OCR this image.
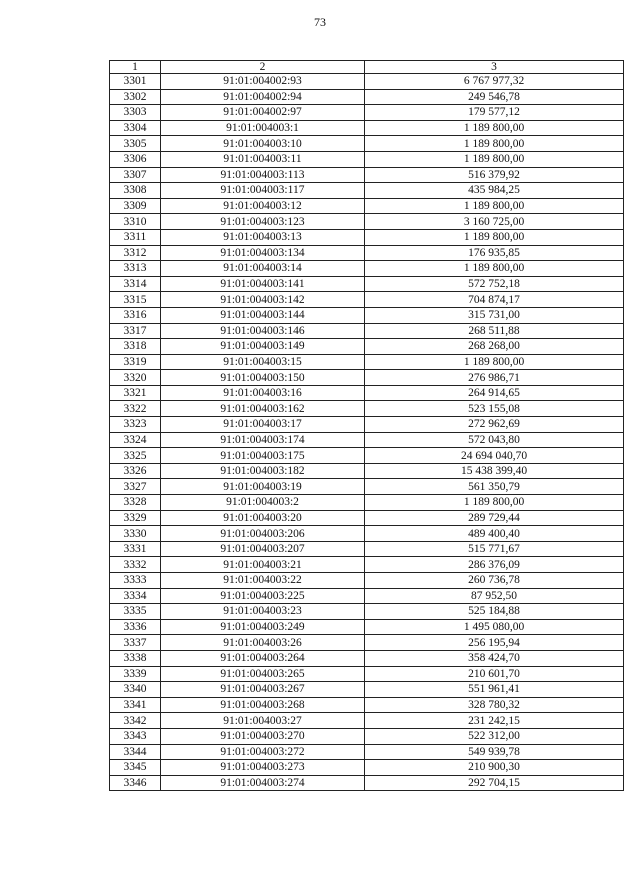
73
1	2	3
3301	91:01:004002:93	6 767 977,32
3302	91:01:004002:94	249 546,78
3303	91:01:004002:97	179 577,12
3304	91:01:004003:1	1 189 800,00
3305	91:01:004003:10	1 189 800,00
3306	91:01:004003:11	1 189 800,00
3307	91:01:004003:113	516 379,92
3308	91:01:004003:117	435 984,25
3309	91:01:004003:12	1 189 800,00
3310	91:01:004003:123	3 160 725,00
3311	91:01:004003:13	1 189 800,00
3312	91:01:004003:134	176 935,85
3313	91:01:004003:14	1 189 800,00
3314	91:01:004003:141	572 752,18
3315	91:01:004003:142	704 874,17
3316	91:01:004003:144	315 731,00
3317	91:01:004003:146	268 511,88
3318	91:01:004003:149	268 268,00
3319	91:01:004003:15	1 189 800,00
3320	91:01:004003:150	276 986,71
3321	91:01:004003:16	264 914,65
3322	91:01:004003:162	523 155,08
3323	91:01:004003:17	272 962,69
3324	91:01:004003:174	572 043,80
3325	91:01:004003:175	24 694 040,70
3326	91:01:004003:182	15 438 399,40
3327	91:01:004003:19	561 350,79
3328	91:01:004003:2	1 189 800,00
3329	91:01:004003:20	289 729,44
3330	91:01:004003:206	489 400,40
3331	91:01:004003:207	515 771,67
3332	91:01:004003:21	286 376,09
3333	91:01:004003:22	260 736,78
3334	91:01:004003:225	87 952,50
3335	91:01:004003:23	525 184,88
3336	91:01:004003:249	1 495 080,00
3337	91:01:004003:26	256 195,94
3338	91:01:004003:264	358 424,70
3339	91:01:004003:265	210 601,70
3340	91:01:004003:267	551 961,41
3341	91:01:004003:268	328 780,32
3342	91:01:004003:27	231 242,15
3343	91:01:004003:270	522 312,00
3344	91:01:004003:272	549 939,78
3345	91:01:004003:273	210 900,30
3346	91:01:004003:274	292 704,15
